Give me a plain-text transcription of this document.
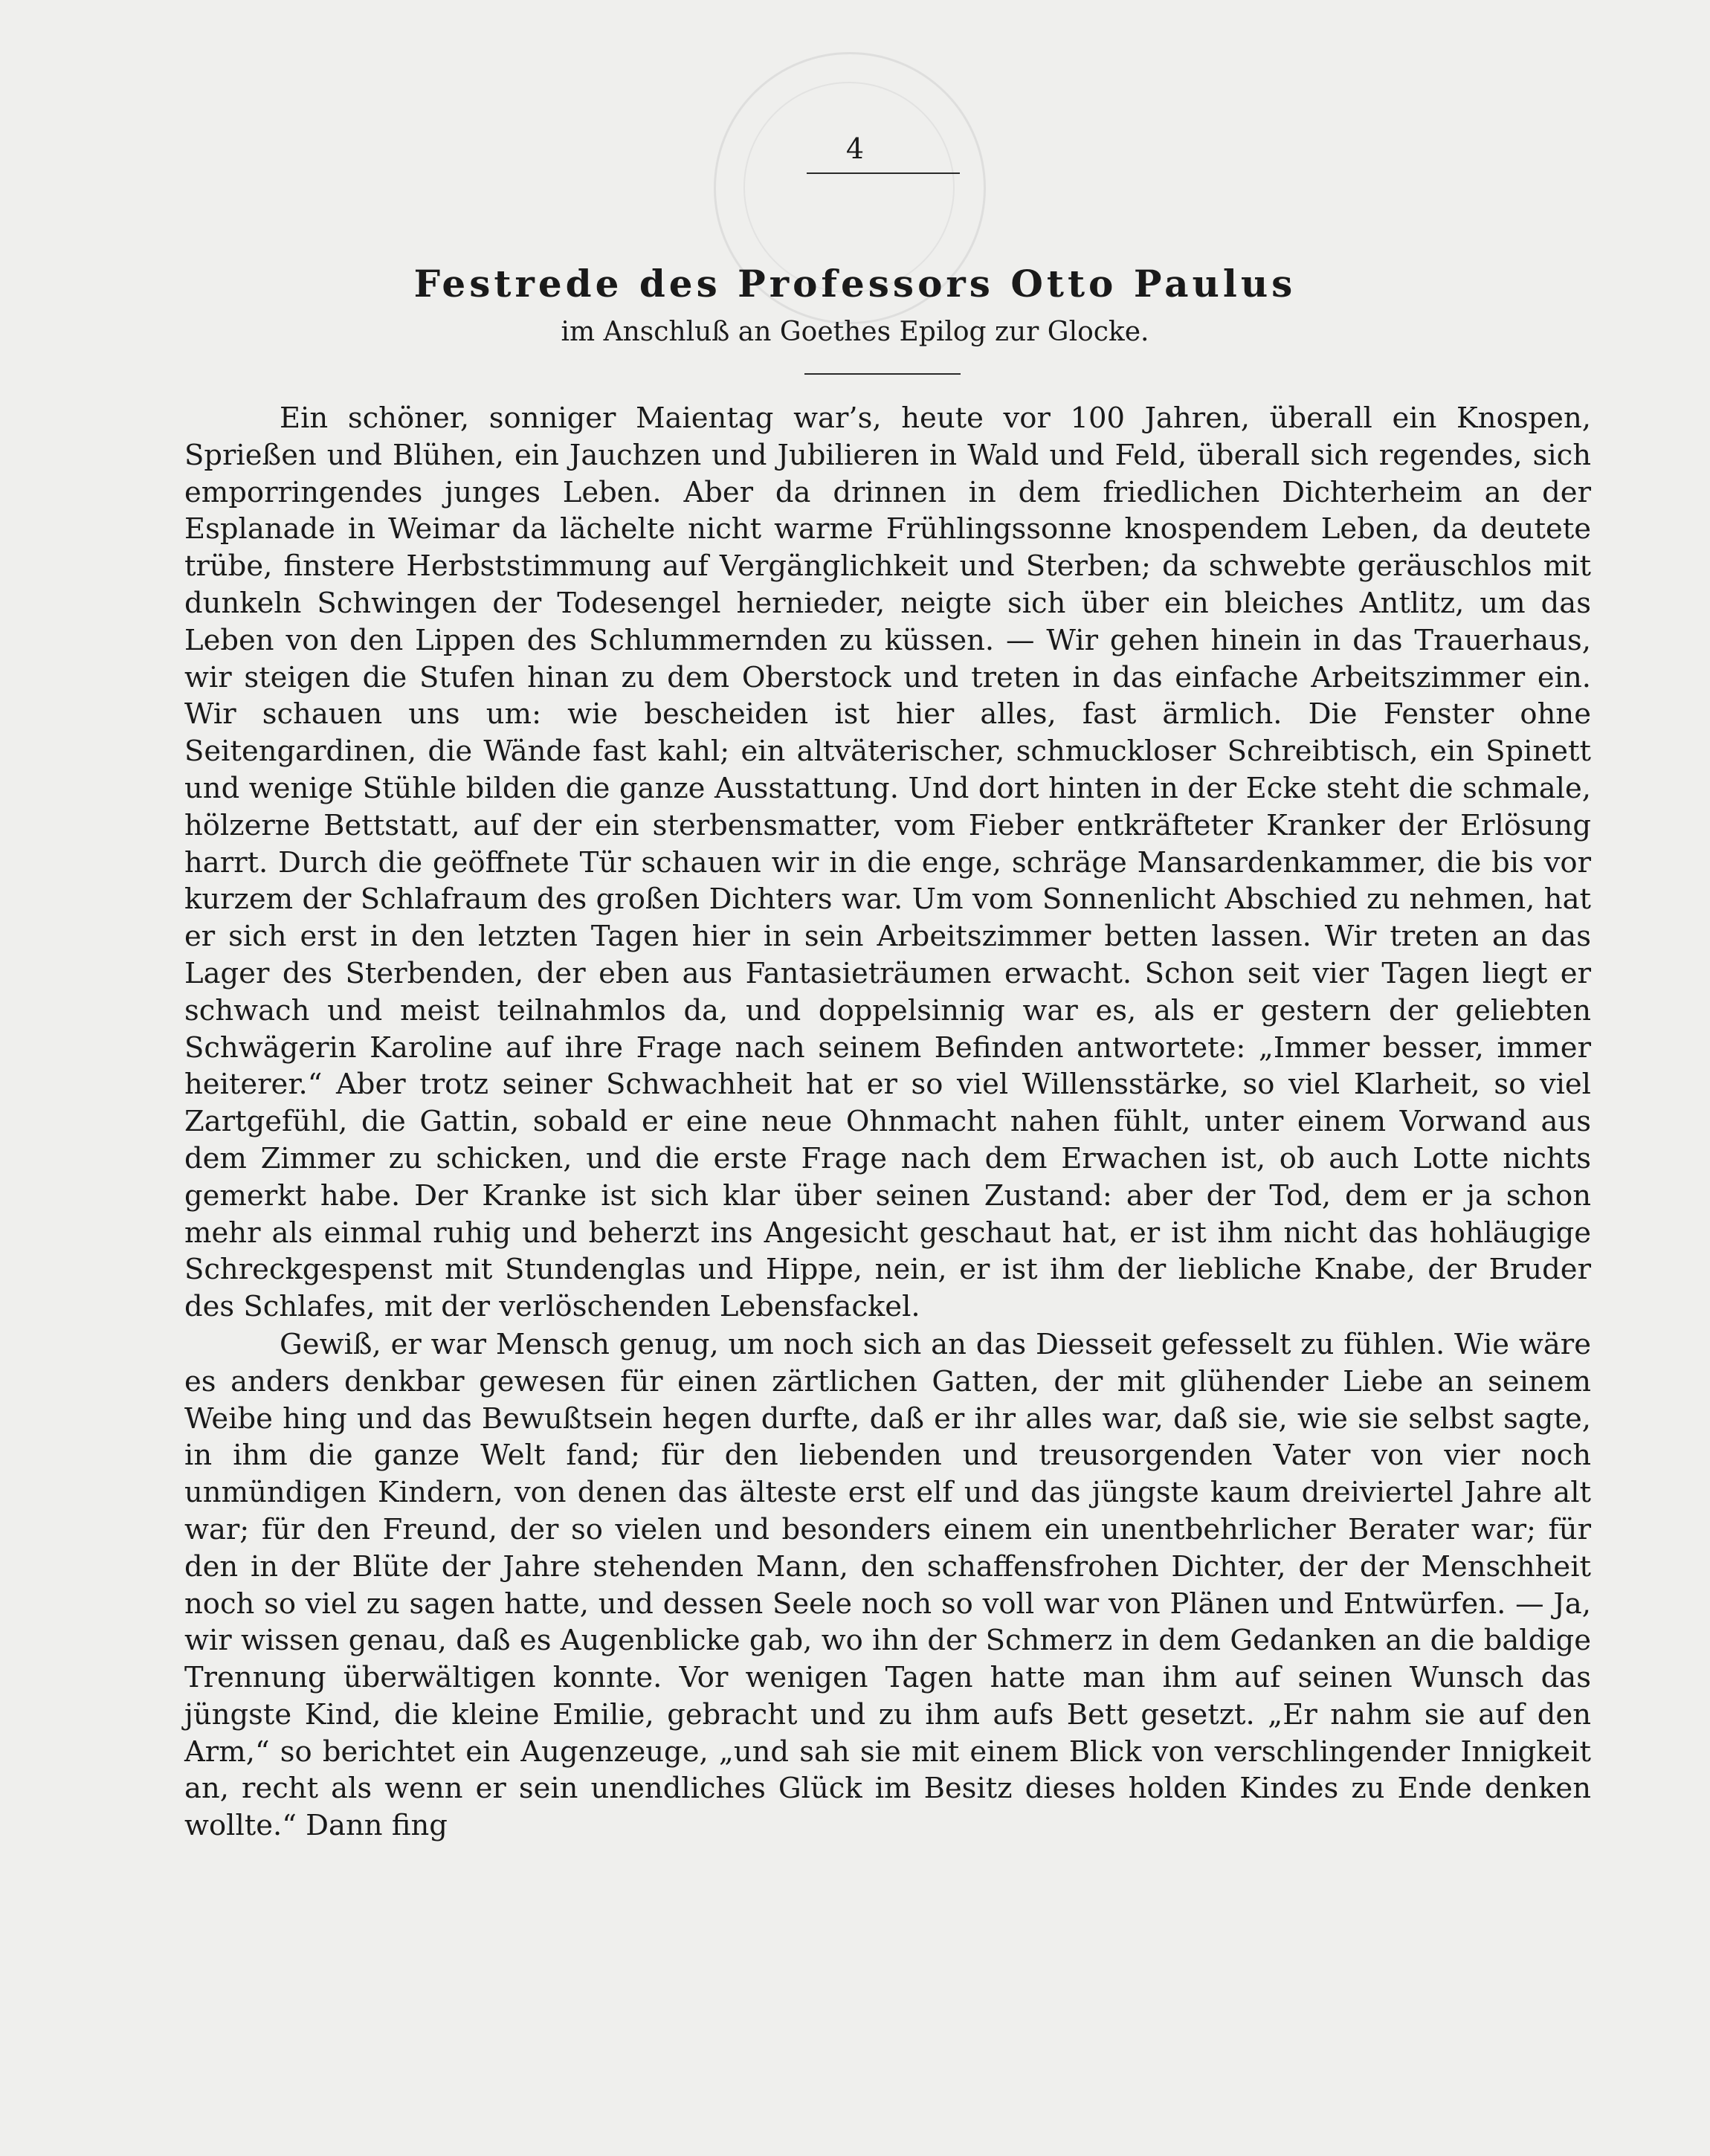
4
Festrede des Professors Otto Paulus
im Anschluß an Goethes Epilog zur Glocke.

Ein schöner, sonniger Maientag war’s, heute vor 100 Jahren, überall ein Knospen, Sprießen und Blühen, ein Jauchzen und Jubilieren in Wald und Feld, überall sich regendes, sich emporringendes junges Leben. Aber da drinnen in dem friedlichen Dichterheim an der Esplanade in Weimar da lächelte nicht warme Frühlingssonne knospendem Leben, da deutete trübe, finstere Herbststimmung auf Vergänglichkeit und Sterben; da schwebte geräuschlos mit dunkeln Schwingen der Todesengel hernieder, neigte sich über ein bleiches Antlitz, um das Leben von den Lippen des Schlummernden zu küssen. — Wir gehen hinein in das Trauerhaus, wir steigen die Stufen hinan zu dem Oberstock und treten in das einfache Arbeitszimmer ein. Wir schauen uns um: wie bescheiden ist hier alles, fast ärmlich. Die Fenster ohne Seitengardinen, die Wände fast kahl; ein altväterischer, schmuckloser Schreibtisch, ein Spinett und wenige Stühle bilden die ganze Ausstattung. Und dort hinten in der Ecke steht die schmale, hölzerne Bettstatt, auf der ein sterbensmatter, vom Fieber entkräfteter Kranker der Erlösung harrt. Durch die geöffnete Tür schauen wir in die enge, schräge Mansardenkammer, die bis vor kurzem der Schlafraum des großen Dichters war. Um vom Sonnenlicht Abschied zu nehmen, hat er sich erst in den letzten Tagen hier in sein Arbeitszimmer betten lassen. Wir treten an das Lager des Sterbenden, der eben aus Fantasieträumen erwacht. Schon seit vier Tagen liegt er schwach und meist teilnahmlos da, und doppelsinnig war es, als er gestern der geliebten Schwägerin Karoline auf ihre Frage nach seinem Befinden antwortete: „Immer besser, immer heiterer.“ Aber trotz seiner Schwachheit hat er so viel Willensstärke, so viel Klarheit, so viel Zartgefühl, die Gattin, sobald er eine neue Ohnmacht nahen fühlt, unter einem Vorwand aus dem Zimmer zu schicken, und die erste Frage nach dem Erwachen ist, ob auch Lotte nichts gemerkt habe. Der Kranke ist sich klar über seinen Zustand: aber der Tod, dem er ja schon mehr als einmal ruhig und beherzt ins Angesicht geschaut hat, er ist ihm nicht das hohläugige Schreckgespenst mit Stundenglas und Hippe, nein, er ist ihm der liebliche Knabe, der Bruder des Schlafes, mit der verlöschenden Lebensfackel.

Gewiß, er war Mensch genug, um noch sich an das Diesseit gefesselt zu fühlen. Wie wäre es anders denkbar gewesen für einen zärtlichen Gatten, der mit glühender Liebe an seinem Weibe hing und das Bewußtsein hegen durfte, daß er ihr alles war, daß sie, wie sie selbst sagte, in ihm die ganze Welt fand; für den liebenden und treusorgenden Vater von vier noch unmündigen Kindern, von denen das älteste erst elf und das jüngste kaum dreiviertel Jahre alt war; für den Freund, der so vielen und besonders einem ein unentbehrlicher Berater war; für den in der Blüte der Jahre stehenden Mann, den schaffensfrohen Dichter, der der Menschheit noch so viel zu sagen hatte, und dessen Seele noch so voll war von Plänen und Entwürfen. — Ja, wir wissen genau, daß es Augenblicke gab, wo ihn der Schmerz in dem Gedanken an die baldige Trennung überwältigen konnte. Vor wenigen Tagen hatte man ihm auf seinen Wunsch das jüngste Kind, die kleine Emilie, gebracht und zu ihm aufs Bett gesetzt. „Er nahm sie auf den Arm,“ so berichtet ein Augenzeuge, „und sah sie mit einem Blick von verschlingender Innigkeit an, recht als wenn er sein unendliches Glück im Besitz dieses holden Kindes zu Ende denken wollte.“ Dann fing
